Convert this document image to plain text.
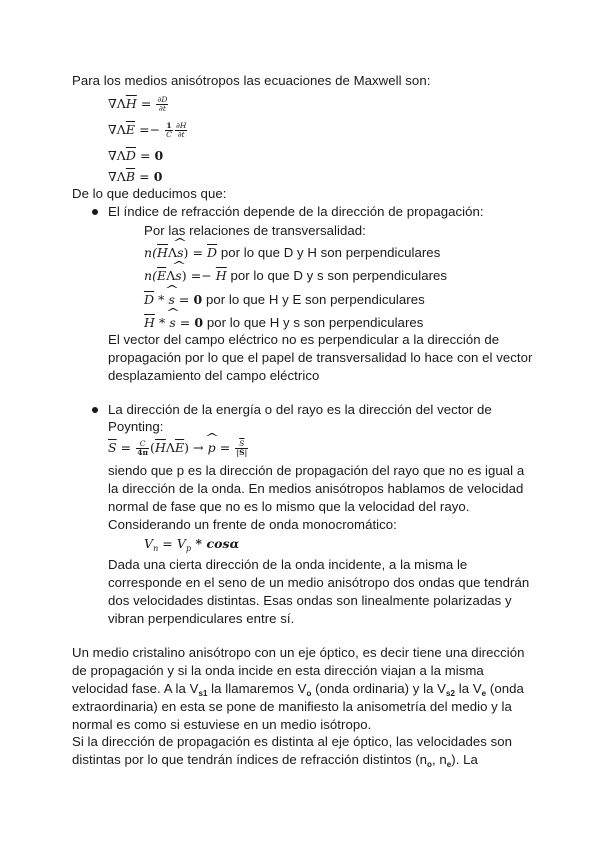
Para los medios anisótropos las ecuaciones de Maxwell son:
$\nabla\Lambda\overline{H} = \frac{\partial D}{\partial t}$
$\nabla\Lambda\overline{E} =- \frac{1}{C} \frac{\partial H}{\partial t}$
$\nabla\Lambda\overline{D} = 0$
$\nabla\Lambda\overline{B} = 0$
De lo que deducimos que:
El índice de refracción depende de la dirección de propagación:
Por las relaciones de transversalidad:
$n(\overline{H}\Lambda\^{}$ $s) = \overline{D}$ por lo que D y H son perpendiculares
$n(\overline{E}\Lambda\^{}$ $s) =- \overline{H}$ por lo que D y s son perpendiculares
$\overline{D}$ * ^ s = 0 por lo que H y E son perpendiculares
$\overline{H}$ * ^ s = 0 por lo que H y s son perpendiculares
El vector del campo eléctrico no es perpendicular a la dirección de
propagación por lo que el papel de transversalidad lo hace con el vector
desplazamiento del campo eléctrico
La dirección de la energía o del rayo es la dirección del vector de
Poynting:
$\overline{S} = \frac{C}{4\pi} (\overline{H}\Lambda\overline{E})$ → ^ $p = \frac{\overline{S}}{|S|}$
siendo que p es la dirección de propagación del rayo que no es igual a
la dirección de la onda. En medios anisótropos hablamos de velocidad
normal de fase que no es lo mismo que la velocidad del rayo.
Considerando un frente de onda monocromático:
$V_n = V_p * \cos\alpha$
Dada una cierta dirección de la onda incidente, a la misma le
corresponde en el seno de un medio anisótropo dos ondas que tendrán
dos velocidades distintas. Esas ondas son linealmente polarizadas y
vibran perpendiculares entre sí.
Un medio cristalino anisótropo con un eje óptico, es decir tiene una dirección
de propagación y si la onda incide en esta dirección viajan a la misma
velocidad fase. A la $V_{s1}$ la llamaremos $V_o$ (onda ordinaria) y la $V_{s2}$ la $V_e$ (onda
extraordinaria) en esta se pone de manifiesto la anisometría del medio y la
normal es como si estuviese en un medio isótropo.
Si la dirección de propagación es distinta al eje óptico, las velocidades son
distintas por lo que tendrán índices de refracción distintos ($n_o$, $n_e$). La
